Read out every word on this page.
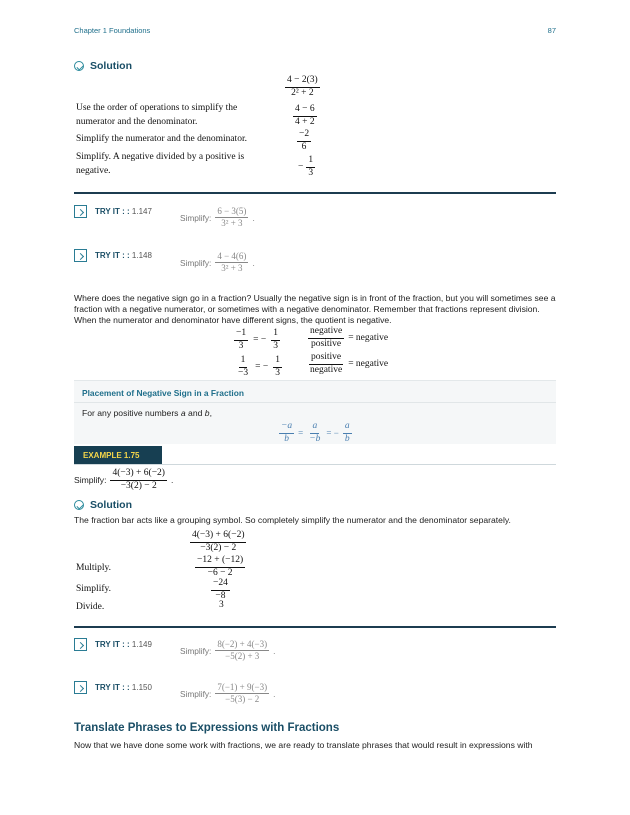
Chapter 1 Foundations	87
Solution
$\frac{4 - 2(3)}{\text{2² + 2}}$
Use the order of operations to simplify the numerator and the denominator.	$\frac{4 - 6}{4 + 2}$
Simplify the numerator and the denominator.	$\frac{-2}{6}$
Simplify. A negative divided by a positive is negative.	− $\frac{1}{3}$
TRY IT : : 1.147
Simplify: $\frac{6 - 3(5)}{\text{3² + 3}}$ .
TRY IT : : 1.148
Simplify: $\frac{4 - 4(6)}{\text{3² + 3}}$ .
Where does the negative sign go in a fraction? Usually the negative sign is in front of the fraction, but you will sometimes see a fraction with a negative numerator, or sometimes with a negative denominator. Remember that fractions represent division. When the numerator and denominator have different signs, the quotient is negative.
$\frac{-1}{3}$ = − $\frac{1}{3}$	$\frac{\text{negative}}{\text{positive}}$ = negative
$\frac{1}{-3}$ = − $\frac{1}{3}$	$\frac{\text{positive}}{\text{negative}}$ = negative
Placement of Negative Sign in a Fraction
For any positive numbers a and b,
$\frac{-a}{b} = \frac{a}{-b}$ = − $\frac{a}{b}$
EXAMPLE 1.75
Simplify: $\frac{4(-3) + 6(-2)}{-3(2) - 2}$ .
Solution
The fraction bar acts like a grouping symbol. So completely simplify the numerator and the denominator separately.
$\frac{4(-3) + 6(-2)}{-3(2) - 2}$
Multiply.	$\frac{-12 + (-12)}{-6 - 2}$
Simplify.	$\frac{-24}{-8}$
Divide.	3
TRY IT : : 1.149
Simplify: $\frac{8(-2) + 4(-3)}{-5(2) + 3}$ .
TRY IT : : 1.150
Simplify: $\frac{7(-1) + 9(-3)}{-5(3) - 2}$ .
Translate Phrases to Expressions with Fractions
Now that we have done some work with fractions, we are ready to translate phrases that would result in expressions with
